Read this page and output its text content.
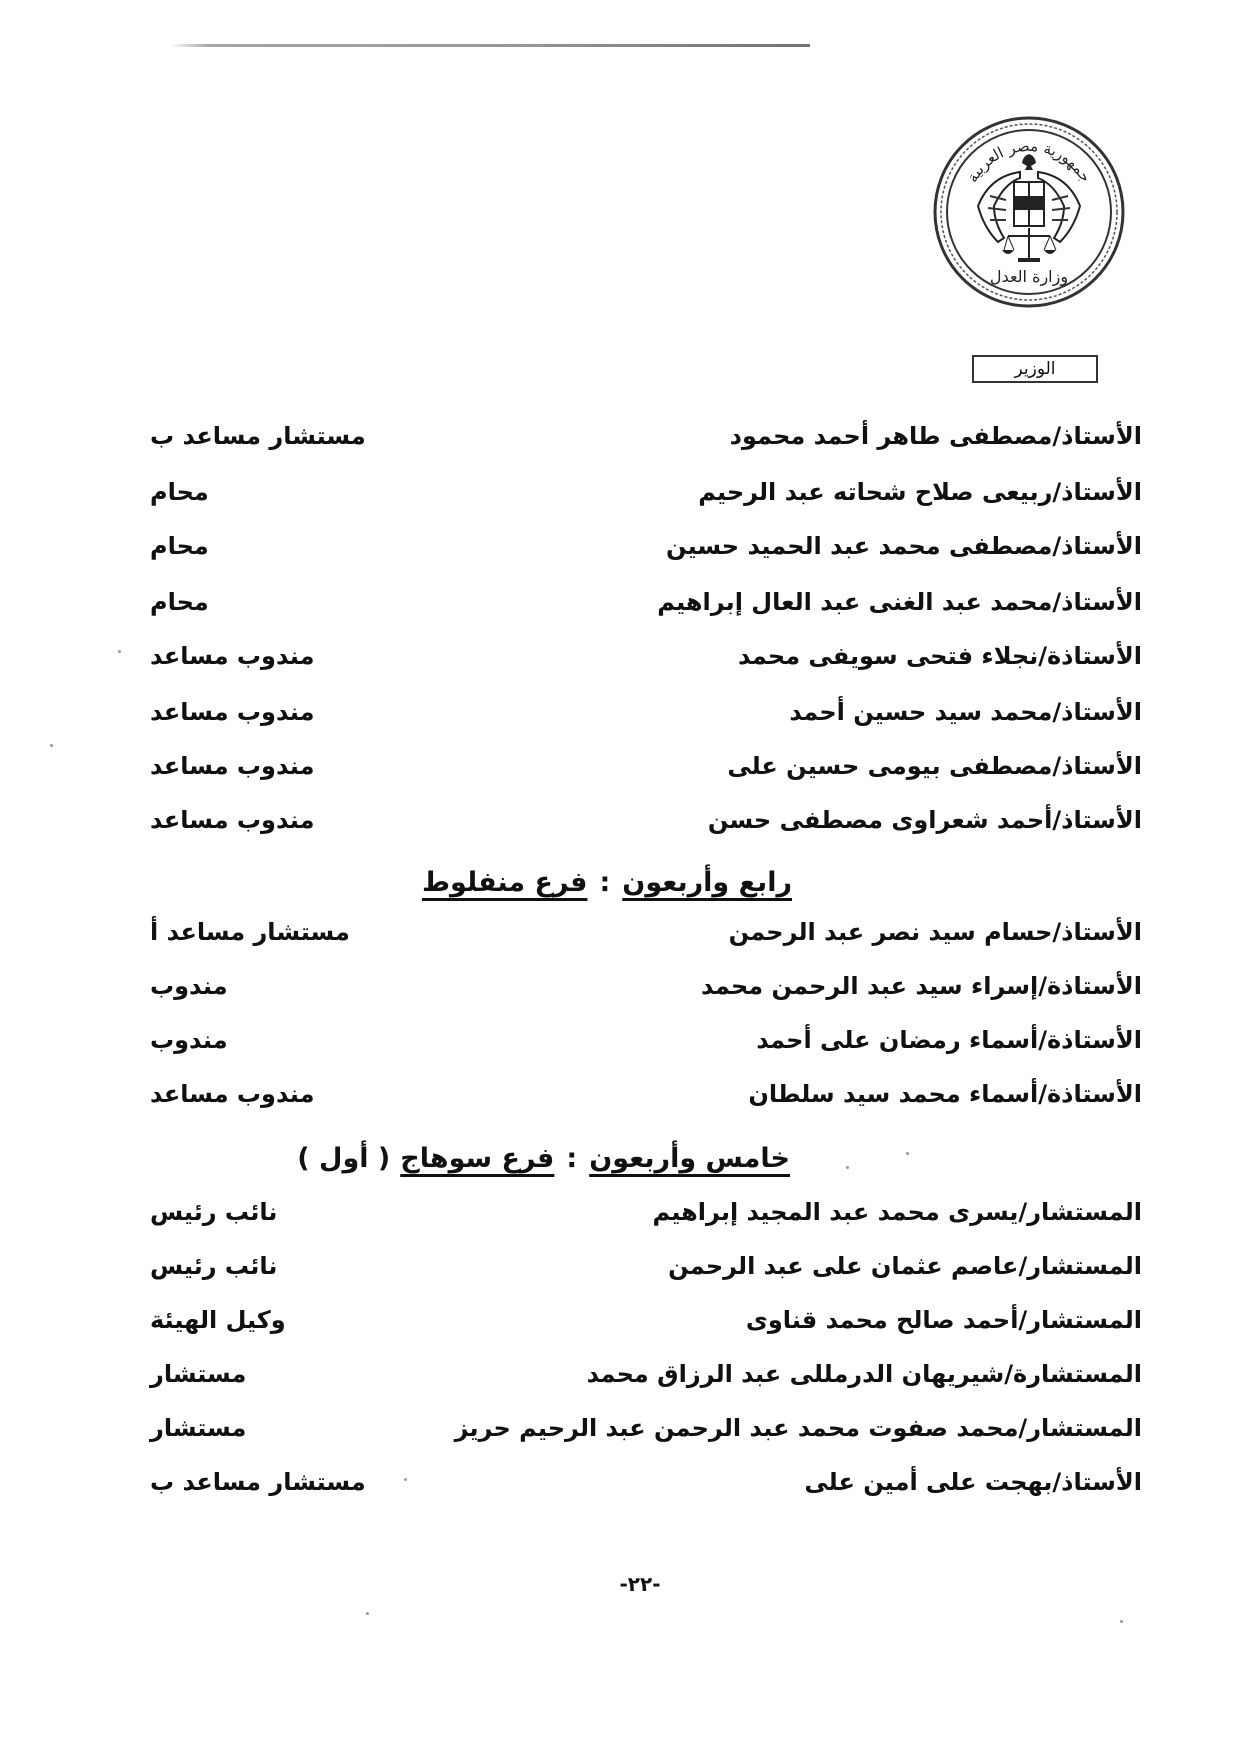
جمهورية مصر العربية
وزارة العدل
الوزير
الأستاذ/مصطفى طاهر أحمد محمود
مستشار مساعد ب
الأستاذ/ربيعى صلاح شحاته عبد الرحيم
محام
الأستاذ/مصطفى محمد عبد الحميد حسين
محام
الأستاذ/محمد عبد الغنى عبد العال إبراهيم
محام
الأستاذة/نجلاء فتحى سويفى محمد
مندوب مساعد
الأستاذ/محمد سيد حسين أحمد
مندوب مساعد
الأستاذ/مصطفى بيومى حسين على
مندوب مساعد
الأستاذ/أحمد شعراوى مصطفى حسن
مندوب مساعد
رابع وأربعون
:
فرع منفلوط
الأستاذ/حسام سيد نصر عبد الرحمن
مستشار مساعد أ
الأستاذة/إسراء سيد عبد الرحمن محمد
مندوب
الأستاذة/أسماء رمضان على أحمد
مندوب
الأستاذة/أسماء محمد سيد سلطان
مندوب مساعد
خامس وأربعون
:
فرع سوهاج
( أول )
المستشار/يسرى محمد عبد المجيد إبراهيم
نائب رئيس
المستشار/عاصم عثمان على عبد الرحمن
نائب رئيس
المستشار/أحمد صالح محمد قناوى
وكيل الهيئة
المستشارة/شيريهان الدرمللى عبد الرزاق محمد
مستشار
المستشار/محمد صفوت محمد عبد الرحمن عبد الرحيم حريز
مستشار
الأستاذ/بهجت على أمين على
مستشار مساعد ب
-٢٢-
